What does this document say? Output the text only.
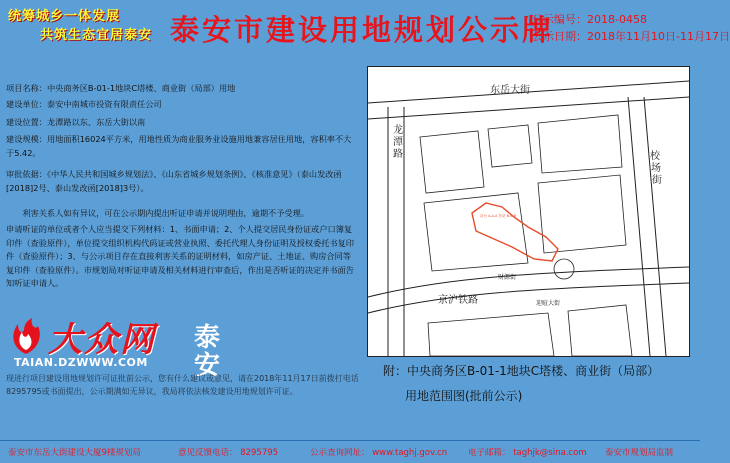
统筹城乡一体发展
共筑生态宜居泰安 泰安市建设用地规划公示牌
公示编号：2018-0458
公示日期：2018年11月10日-11月17日
项目名称：中央商务区B-01-1地块C塔楼、商业街（局部）用地
建设单位：泰安中南城市投资有限责任公司
建设位置：龙潭路以东、东岳大街以南
建设规模：用地面积16024平方米，用地性质为商业服务业设施用地兼容居住用地，容积率不大于5.42。
审批依据：《中华人民共和国城乡规划法》、《山东省城乡规划条例》、《核准意见》（泰山发改函[2018]2号、泰山发改函[2018]3号）。
利害关系人如有异议，可在公示期内提出听证申请并说明理由，逾期不予受理。
申请听证的单位或者个人应当提交下列材料：1、书面申请；2、个人提交居民身份证或户口簿复印件（查验原件），单位提交组织机构代码证或营业执照、委托代理人身份证明及授权委托书复印件（查验原件）；3、与公示项目存在直接利害关系的证明材料，如房产证、土地证、购房合同等复印件（查验原件）。市规划局对听证申请及相关材料进行审查后，作出是否听证的决定并书面告知听证申请人。
大众网
TAIAN.DZWWW.COM
泰
安
现进行项目建设用地规划许可证批前公示，您有什么建议或意见，请在2018年11月17日前拨打电话8295795或书面提出，公示期满如无异议，我局将依法核发建设用地规划许可证。
东岳大街
龙
潭
路	校
场
街
京沪铁路
财源街
迎暄大街
站台 A.A.A 东站 B.B.B
附：中央商务区B-01-1地块C塔楼、商业街（局部）
用地范围图(批前公示)
泰安市东岳大街建设大厦9楼规划局	意见反馈电话： 8295795	公示查询网址： www.taghj.gov.cn 电子邮箱： taghjk@sina.com 泰安市规划局监制
